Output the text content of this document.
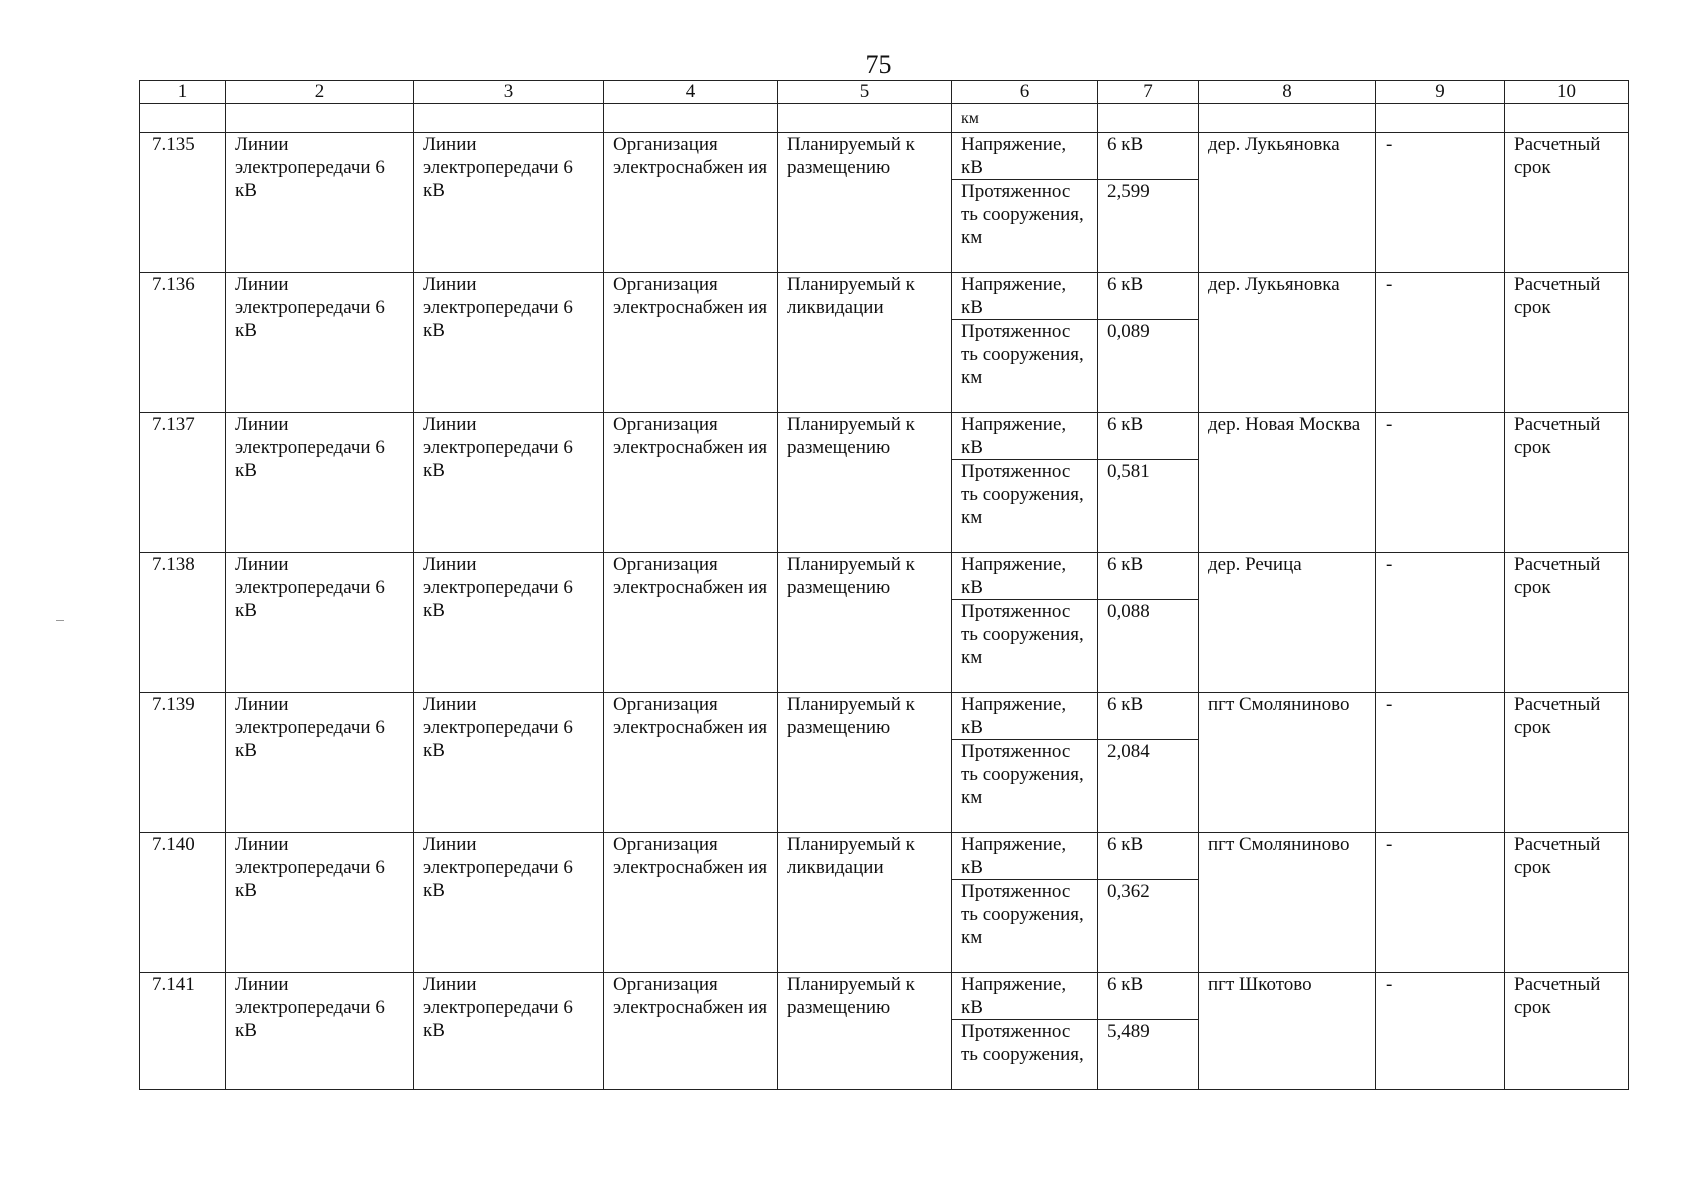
75
1	2	3	4	5	6	7	8	9	10
					км				
7.135	Линии электропередачи 6 кВ	Линии электропередачи 6 кВ	Организация электроснабжен ия	Планируемый к размещению	Напряжение, кВ	6 кВ	дер. Лукьяновка	-	Расчетный срок
					Протяженнос ть сооружения, км	2,599			
7.136	Линии электропередачи 6 кВ	Линии электропередачи 6 кВ	Организация электроснабжен ия	Планируемый к ликвидации	Напряжение, кВ	6 кВ	дер. Лукьяновка	-	Расчетный срок
					Протяженнос ть сооружения, км	0,089			
7.137	Линии электропередачи 6 кВ	Линии электропередачи 6 кВ	Организация электроснабжен ия	Планируемый к размещению	Напряжение, кВ	6 кВ	дер. Новая Москва	-	Расчетный срок
					Протяженнос ть сооружения, км	0,581			
7.138	Линии электропередачи 6 кВ	Линии электропередачи 6 кВ	Организация электроснабжен ия	Планируемый к размещению	Напряжение, кВ	6 кВ	дер. Речица	-	Расчетный срок
					Протяженнос ть сооружения, км	0,088			
7.139	Линии электропередачи 6 кВ	Линии электропередачи 6 кВ	Организация электроснабжен ия	Планируемый к размещению	Напряжение, кВ	6 кВ	пгт Смоляниново	-	Расчетный срок
					Протяженнос ть сооружения, км	2,084			
7.140	Линии электропередачи 6 кВ	Линии электропередачи 6 кВ	Организация электроснабжен ия	Планируемый к ликвидации	Напряжение, кВ	6 кВ	пгт Смоляниново	-	Расчетный срок
					Протяженнос ть сооружения, км	0,362			
7.141	Линии электропередачи 6 кВ	Линии электропередачи 6 кВ	Организация электроснабжен ия	Планируемый к размещению	Напряжение, кВ	6 кВ	пгт Шкотово	-	Расчетный срок
					Протяженнос ть сооружения,	5,489			
